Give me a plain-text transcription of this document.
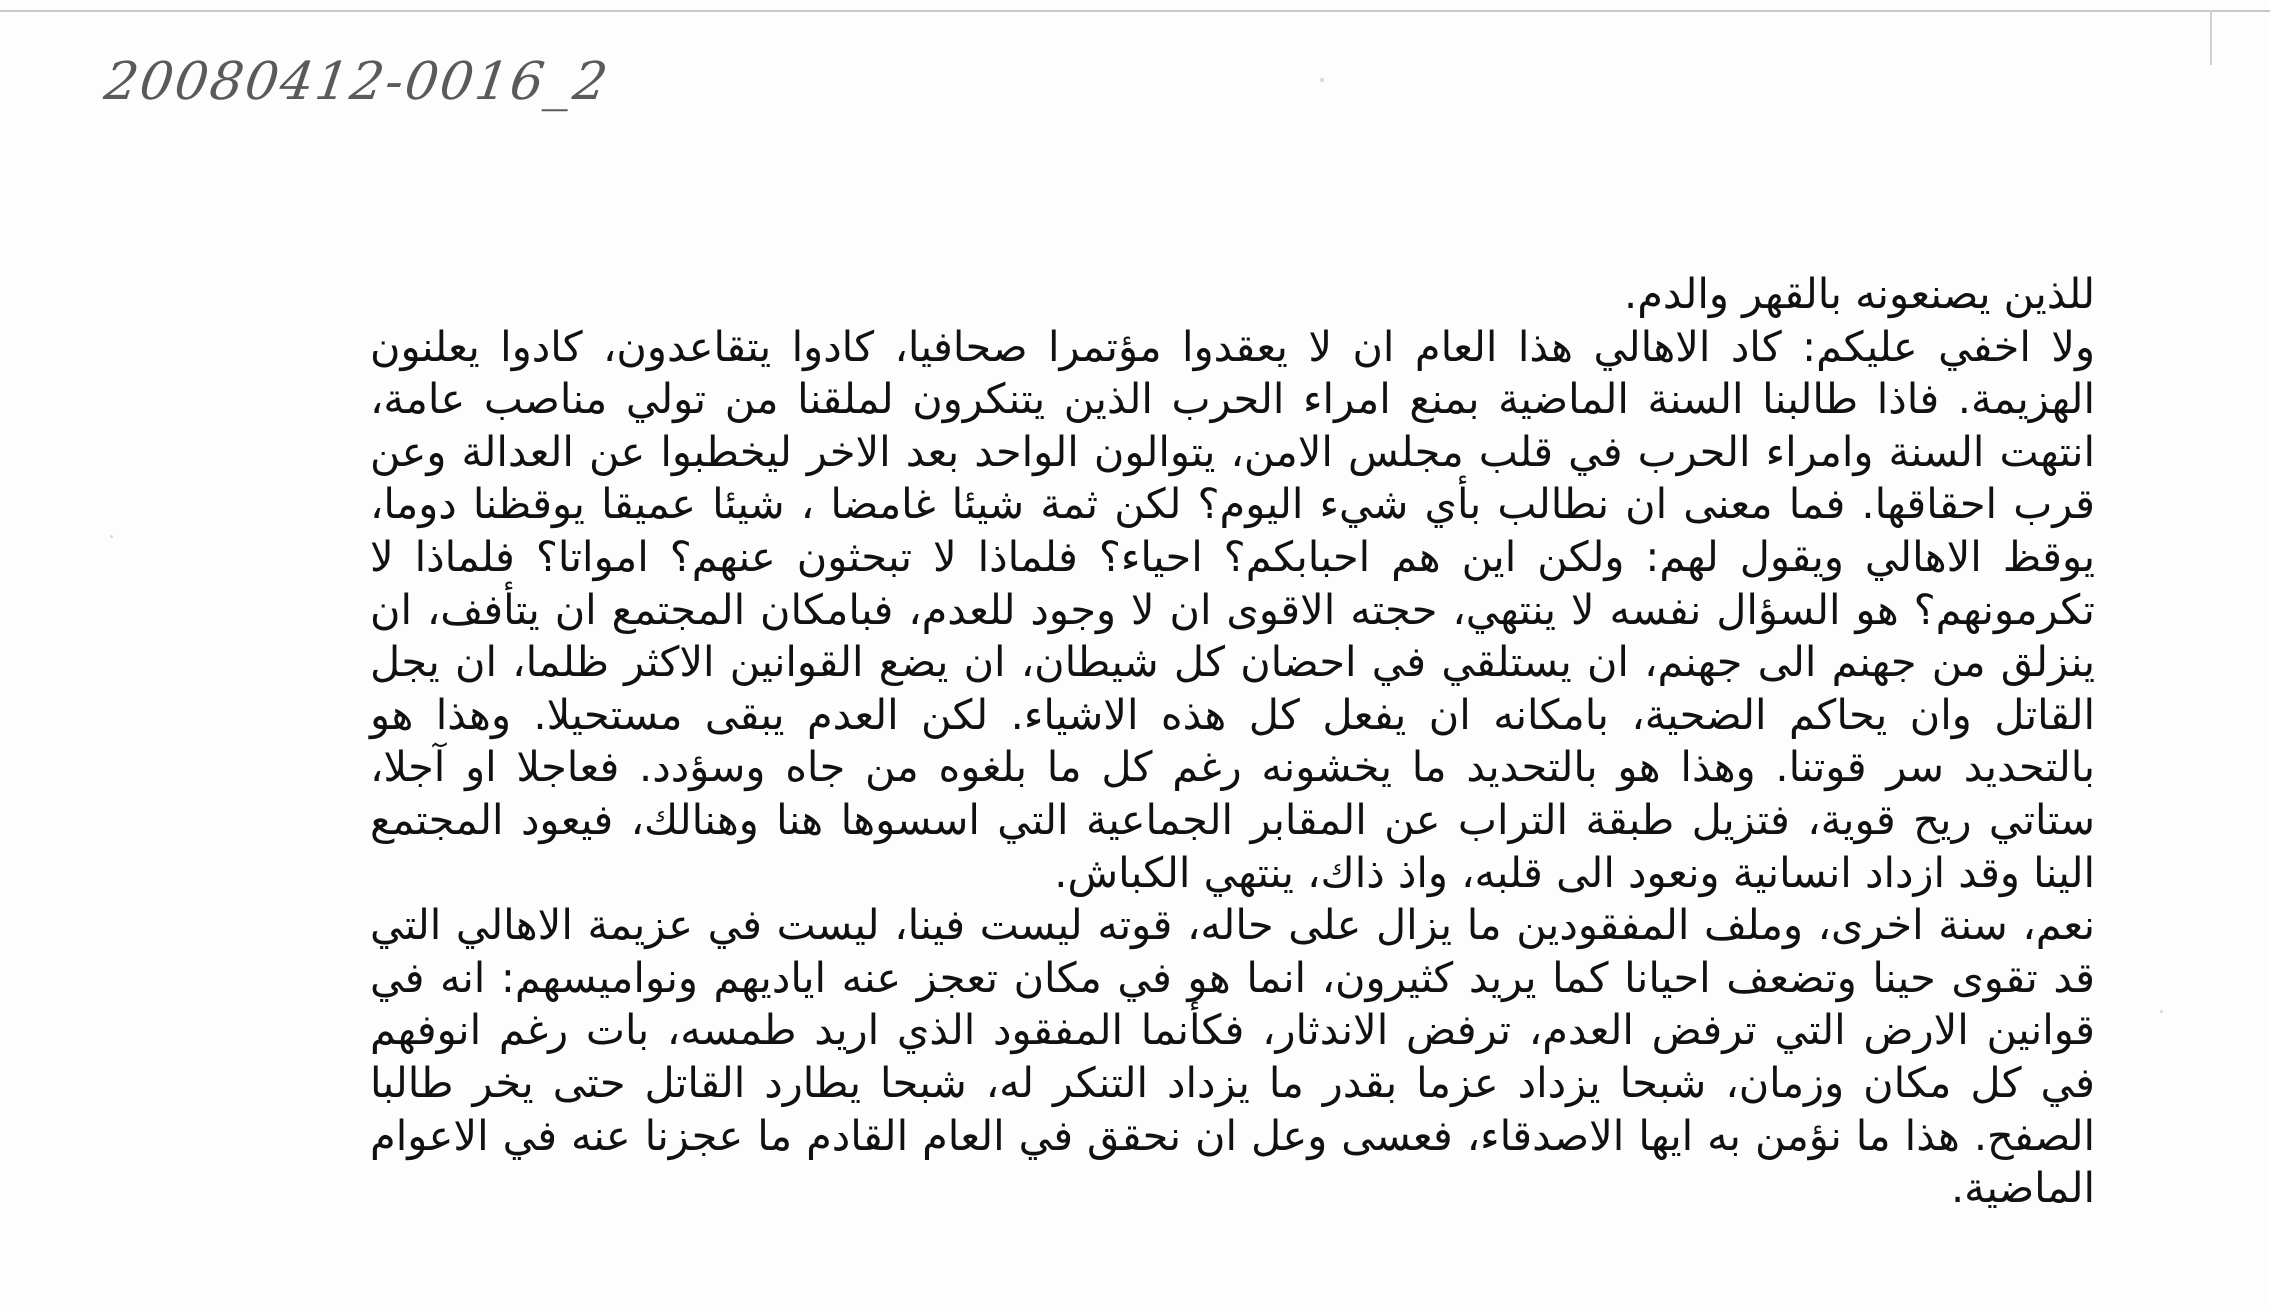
20080412-0016_2

للذين يصنعونه بالقهر والدم.

ولا اخفي عليكم: كاد الاهالي هذا العام ان لا يعقدوا مؤتمرا صحافيا، كادوا يتقاعدون، كادوا يعلنون الهزيمة. فاذا طالبنا السنة الماضية بمنع امراء الحرب الذين يتنكرون لملقنا من تولي مناصب عامة، انتهت السنة وامراء الحرب في قلب مجلس الامن، يتوالون الواحد بعد الاخر ليخطبوا عن العدالة وعن قرب احقاقها. فما معنى ان نطالب بأي شيء اليوم؟ لكن ثمة شيئا غامضا ، شيئا عميقا يوقظنا دوما، يوقظ الاهالي ويقول لهم: ولكن اين هم احبابكم؟ احياء؟ فلماذا لا تبحثون عنهم؟ امواتا؟ فلماذا لا تكرمونهم؟ هو السؤال نفسه لا ينتهي، حجته الاقوى ان لا وجود للعدم، فبامكان المجتمع ان يتأفف، ان ينزلق من جهنم الى جهنم، ان يستلقي في احضان كل شيطان، ان يضع القوانين الاكثر ظلما، ان يجل القاتل وان يحاكم الضحية، بامكانه ان يفعل كل هذه الاشياء. لكن العدم يبقى مستحيلا. وهذا هو بالتحديد سر قوتنا. وهذا هو بالتحديد ما يخشونه رغم كل ما بلغوه من جاه وسؤدد. فعاجلا او آجلا، ستاتي ريح قوية، فتزيل طبقة التراب عن المقابر الجماعية التي اسسوها هنا وهنالك، فيعود المجتمع الينا وقد ازداد انسانية ونعود الى قلبه، واذ ذاك، ينتهي الكباش.

نعم، سنة اخرى، وملف المفقودين ما يزال على حاله، قوته ليست فينا، ليست في عزيمة الاهالي التي قد تقوى حينا وتضعف احيانا كما يريد كثيرون، انما هو في مكان تعجز عنه اياديهم ونواميسهم: انه في قوانين الارض التي ترفض العدم، ترفض الاندثار، فكأنما المفقود الذي اريد طمسه، بات رغم انوفهم في كل مكان وزمان، شبحا يزداد عزما بقدر ما يزداد التنكر له، شبحا يطارد القاتل حتى يخر طالبا الصفح. هذا ما نؤمن به ايها الاصدقاء، فعسى وعل ان نحقق في العام القادم ما عجزنا عنه في الاعوام الماضية.
